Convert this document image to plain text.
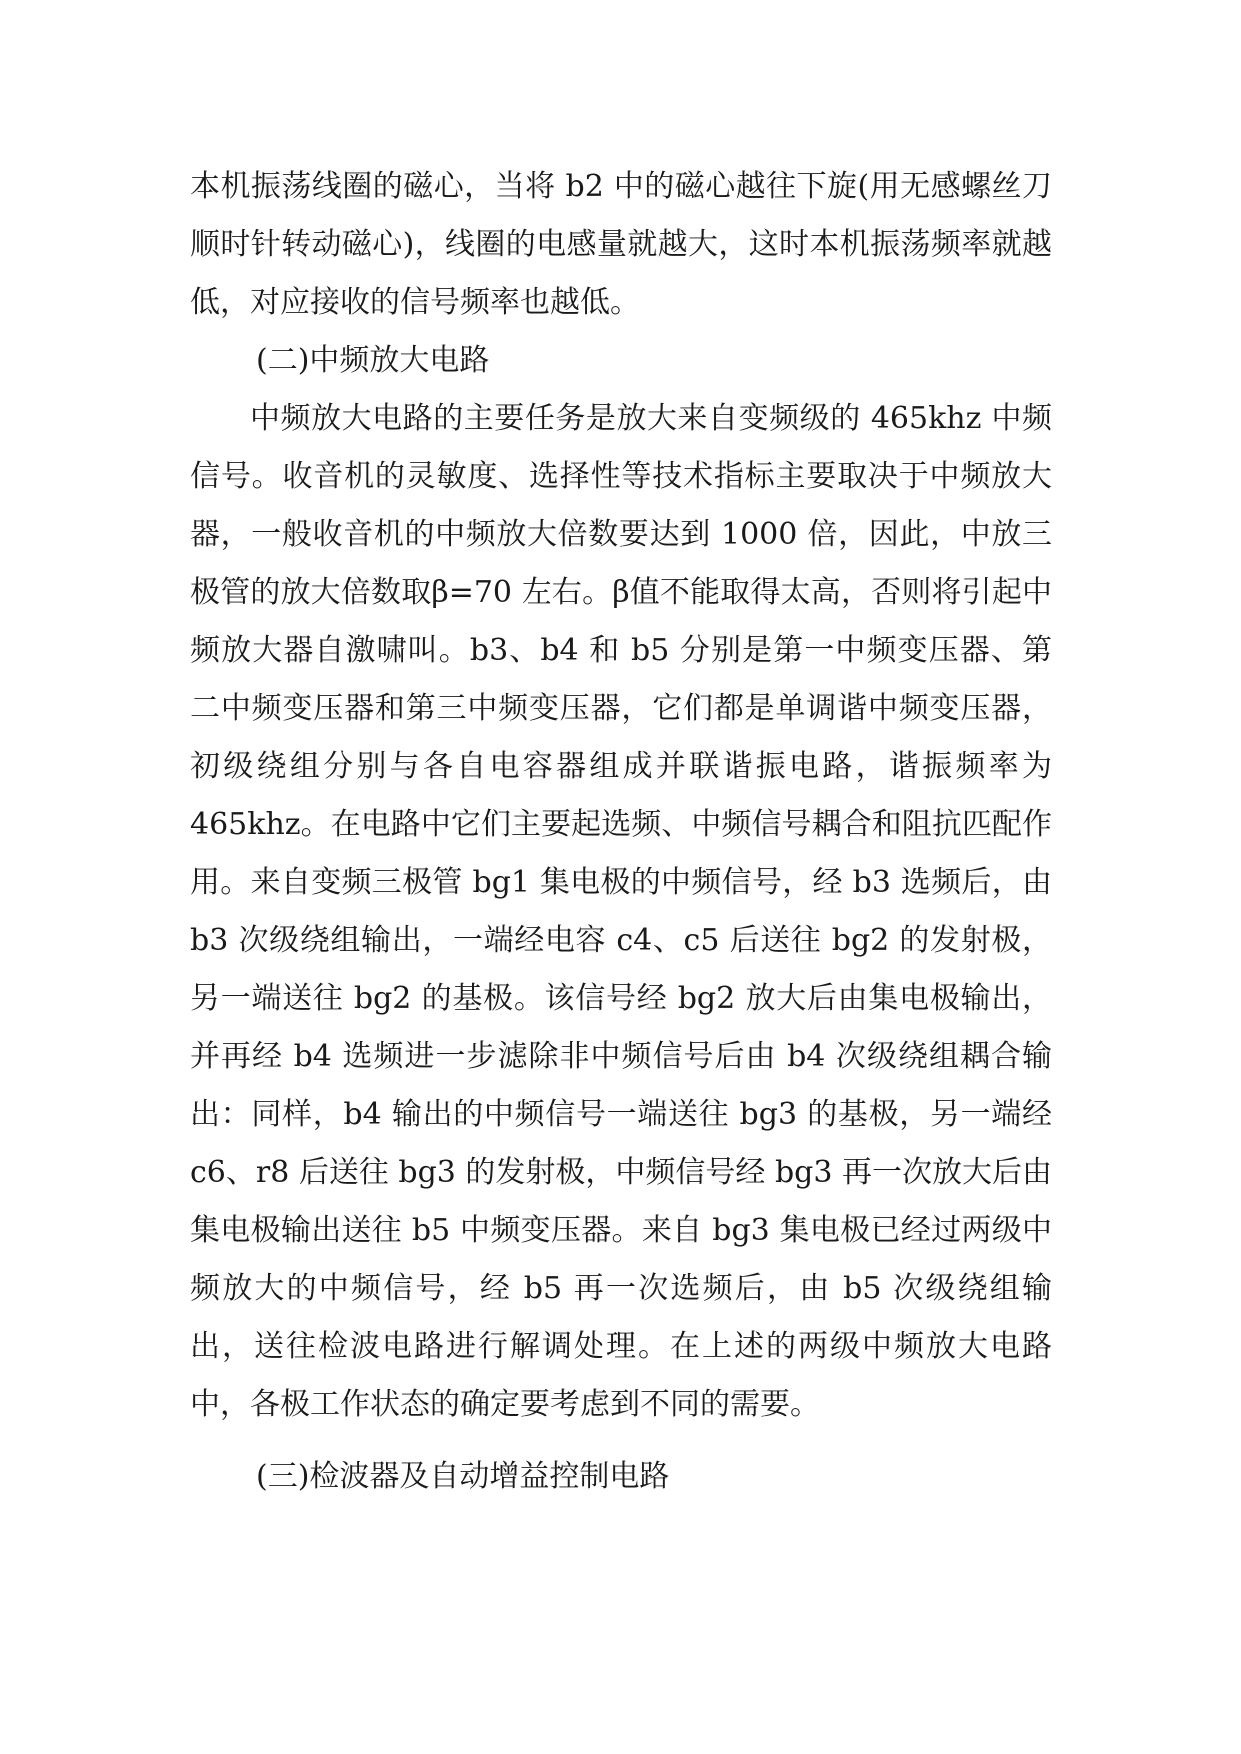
本机振荡线圈的磁心，当将 b2 中的磁心越往下旋(用无感螺丝刀顺时针转动磁心)，线圈的电感量就越大，这时本机振荡频率就越低，对应接收的信号频率也越低。

(二)中频放大电路

中频放大电路的主要任务是放大来自变频级的 465khz 中频信号。收音机的灵敏度、选择性等技术指标主要取决于中频放大器，一般收音机的中频放大倍数要达到 1000 倍，因此，中放三极管的放大倍数取β=70 左右。β值不能取得太高，否则将引起中频放大器自激啸叫。b3、b4 和 b5 分别是第一中频变压器、第二中频变压器和第三中频变压器，它们都是单调谐中频变压器，初级绕组分别与各自电容器组成并联谐振电路，谐振频率为 465khz。在电路中它们主要起选频、中频信号耦合和阻抗匹配作用。来自变频三极管 bg1 集电极的中频信号，经 b3 选频后，由 b3 次级绕组输出，一端经电容 c4、c5 后送往 bg2 的发射极，另一端送往 bg2 的基极。该信号经 bg2 放大后由集电极输出，并再经 b4 选频进一步滤除非中频信号后由 b4 次级绕组耦合输出：同样，b4 输出的中频信号一端送往 bg3 的基极，另一端经 c6、r8 后送往 bg3 的发射极，中频信号经 bg3 再一次放大后由集电极输出送往 b5 中频变压器。来自 bg3 集电极已经过两级中频放大的中频信号，经 b5 再一次选频后，由 b5 次级绕组输出，送往检波电路进行解调处理。在上述的两级中频放大电路中，各极工作状态的确定要考虑到不同的需要。

(三)检波器及自动增益控制电路
